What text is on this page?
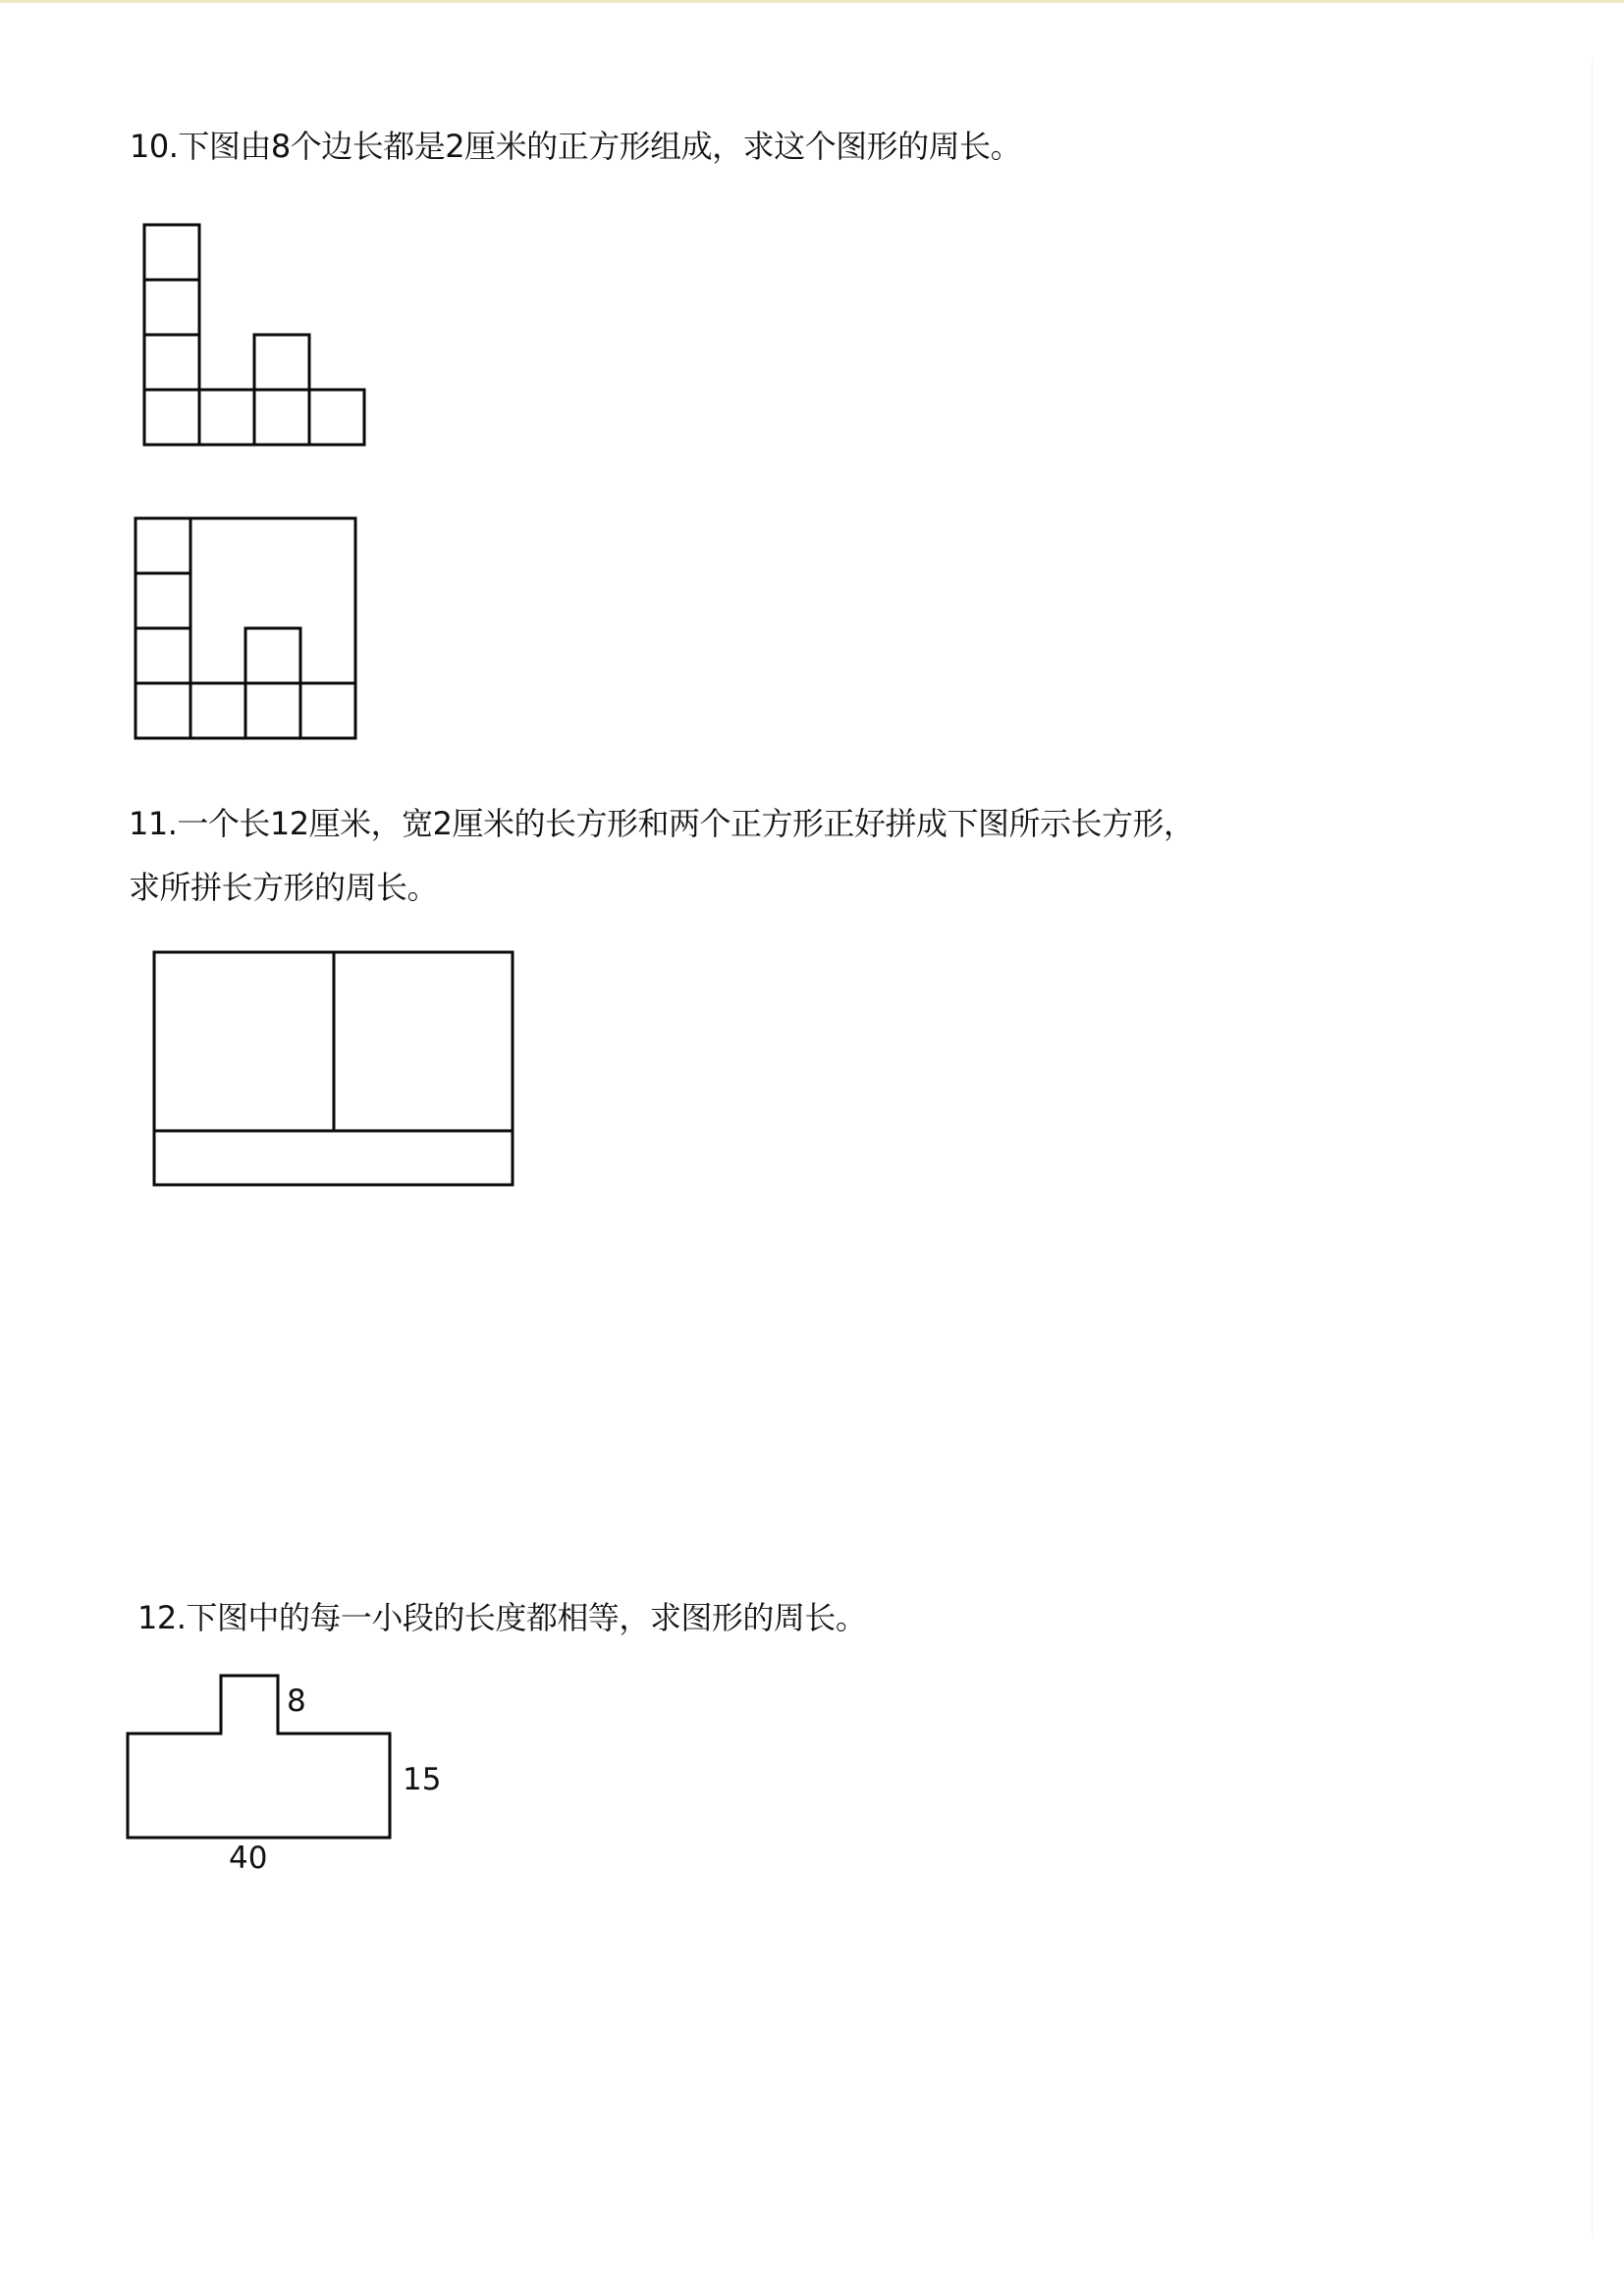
10.下图由8个边长都是2厘米的正方形组成，求这个图形的周长。
11.一个长12厘米，宽2厘米的长方形和两个正方形正好拼成下图所示长方形，
求所拼长方形的周长。
12.下图中的每一小段的长度都相等，求图形的周长。
8
15
40
